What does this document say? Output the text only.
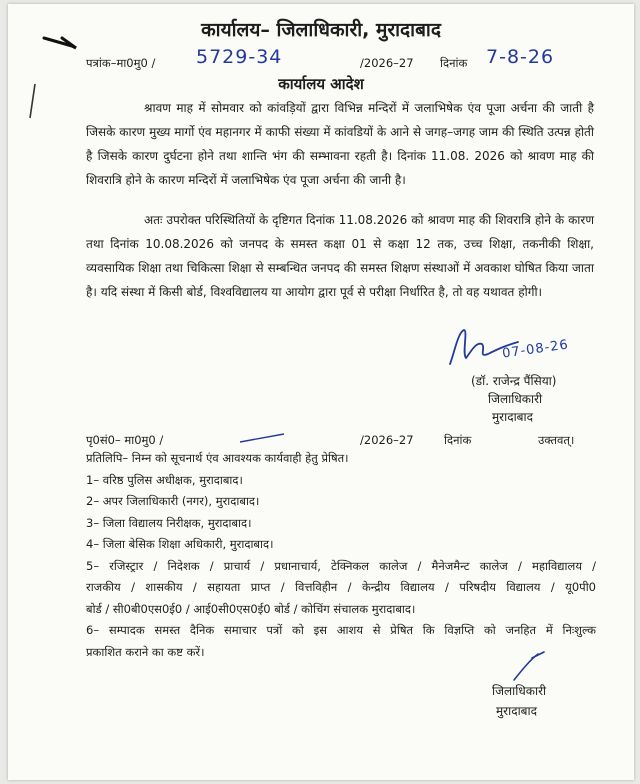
कार्यालय– जिलाधिकारी, मुरादाबाद
पत्रांक–मा0मु0 / 5729-34	/2026–27 दिनांक 7-8-26
कार्यालय आदेश
श्रावण माह में सोमवार को कांवड़ियों द्वारा विभिन्न मन्दिरों में जलाभिषेक एंव पूजा अर्चना की जाती है जिसके कारण मुख्य मार्गो एंव महानगर में काफी संख्या में कांवडियों के आने से जगह–जगह जाम की स्थिति उत्पन्न होती है जिसके कारण दुर्घटना होने तथा शान्ति भंग की सम्भावना रहती है। दिनांक 11.08. 2026 को श्रावण माह की शिवरात्रि होने के कारण मन्दिरों में जलाभिषेक एंव पूजा अर्चना की जानी है।
अतः उपरोक्त परिस्थितियों के दृष्टिगत दिनांक 11.08.2026 को श्रावण माह की शिवरात्रि होने के कारण तथा दिनांक 10.08.2026 को जनपद के समस्त कक्षा 01 से कक्षा 12 तक, उच्च शिक्षा, तकनीकी शिक्षा, व्यवसायिक शिक्षा तथा चिकित्सा शिक्षा से सम्बन्धित जनपद की समस्त शिक्षण संस्थाओं में अवकाश घोषित किया जाता है। यदि संस्था में किसी बोर्ड, विश्वविद्यालय या आयोग द्वारा पूर्व से परीक्षा निर्धारित है, तो वह यथावत होगी।
07-08-26
(डॉ. राजेन्द्र पैंसिया)
जिलाधिकारी
मुरादाबाद
पृ0सं0– मा0मु0 /	/2026–27	दिनांक	उक्तवत्।

प्रतिलिपि– निम्न को सूचनार्थ एंव आवश्यक कार्यवाही हेतु प्रेषित।

1– वरिष्ठ पुलिस अधीक्षक, मुरादाबाद।

2– अपर जिलाधिकारी (नगर), मुरादाबाद।

3– जिला विद्यालय निरीक्षक, मुरादाबाद।

4– जिला बेसिक शिक्षा अधिकारी, मुरादाबाद।

5– रजिस्ट्रार / निदेशक / प्राचार्य / प्रधानाचार्य, टेक्निकल कालेज / मैनेजमैन्ट कालेज / महाविद्यालय /

राजकीय / शासकीय / सहायता प्राप्त / वित्तविहीन / केन्द्रीय विद्यालय / परिषदीय विद्यालय / यू0पी0

बोर्ड / सी0बी0एस0ई0 / आई0सी0एस0ई0 बोर्ड / कोचिंग संचालक मुरादाबाद।

6– सम्पादक समस्त दैनिक समाचार पत्रों को इस आशय से प्रेषित कि विज्ञप्ति को जनहित में निःशुल्क

प्रकाशित कराने का कष्ट करें।

जिलाधिकारी
मुरादाबाद
